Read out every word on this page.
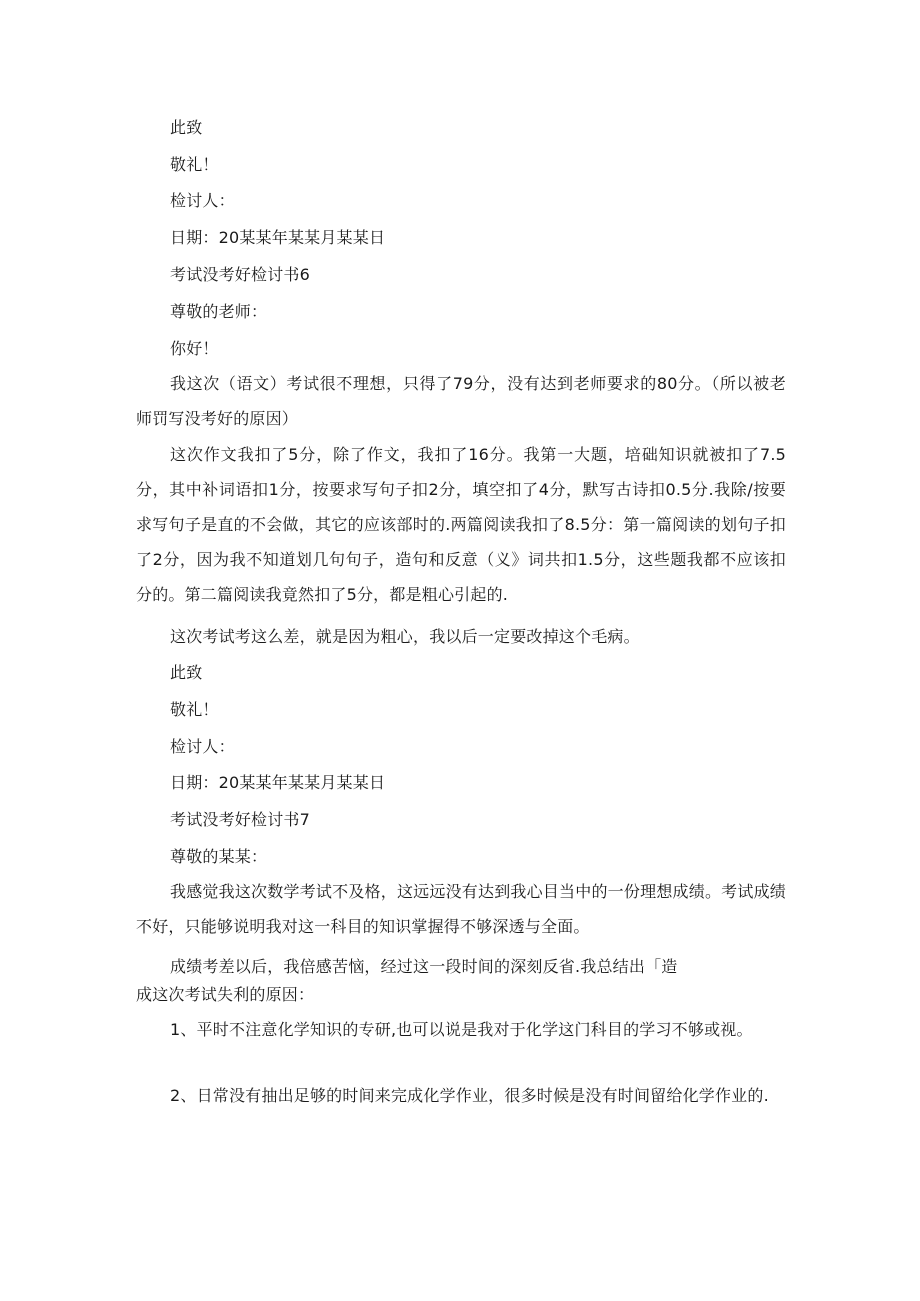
此致
敬礼！
检讨人：
日期：20某某年某某月某某日
考试没考好检讨书6
尊敬的老师：
你好！
我这次（语文）考试很不理想，只得了79分，没有达到老师要求的80分。（所以被老师罚写没考好的原因）
这次作文我扣了5分，除了作文，我扣了16分。我第一大题，培础知识就被扣了7.5分，其中补词语扣1分，按要求写句子扣2分，填空扣了4分，默写古诗扣0.5分.我除/按要求写句子是直的不会做，其它的应该部时的.两篇阅读我扣了8.5分：第一篇阅读的划句子扣了2分，因为我不知道划几句句子，造句和反意（义》词共扣1.5分，这些题我都不应该扣分的。第二篇阅读我竟然扣了5分，都是粗心引起的.
这次考试考这么差，就是因为粗心，我以后一定要改掉这个毛病。
此致
敬礼！
检讨人：
日期：20某某年某某月某某日
考试没考好检讨书7
尊敬的某某：
我感觉我这次数学考试不及格，这远远没有达到我心目当中的一份理想成绩。考试成绩不好，只能够说明我对这一科目的知识掌握得不够深透与全面。
成绩考差以后，我倍感苦恼，经过这一段时间的深刻反省.我总结出「造
成这次考试失利的原因：
1、平时不注意化学知识的专研,也可以说是我对于化学这门科目的学习不够或视。
2、日常没有抽出足够的时间来完成化学作业，很多时候是没有时间留给化学作业的.
